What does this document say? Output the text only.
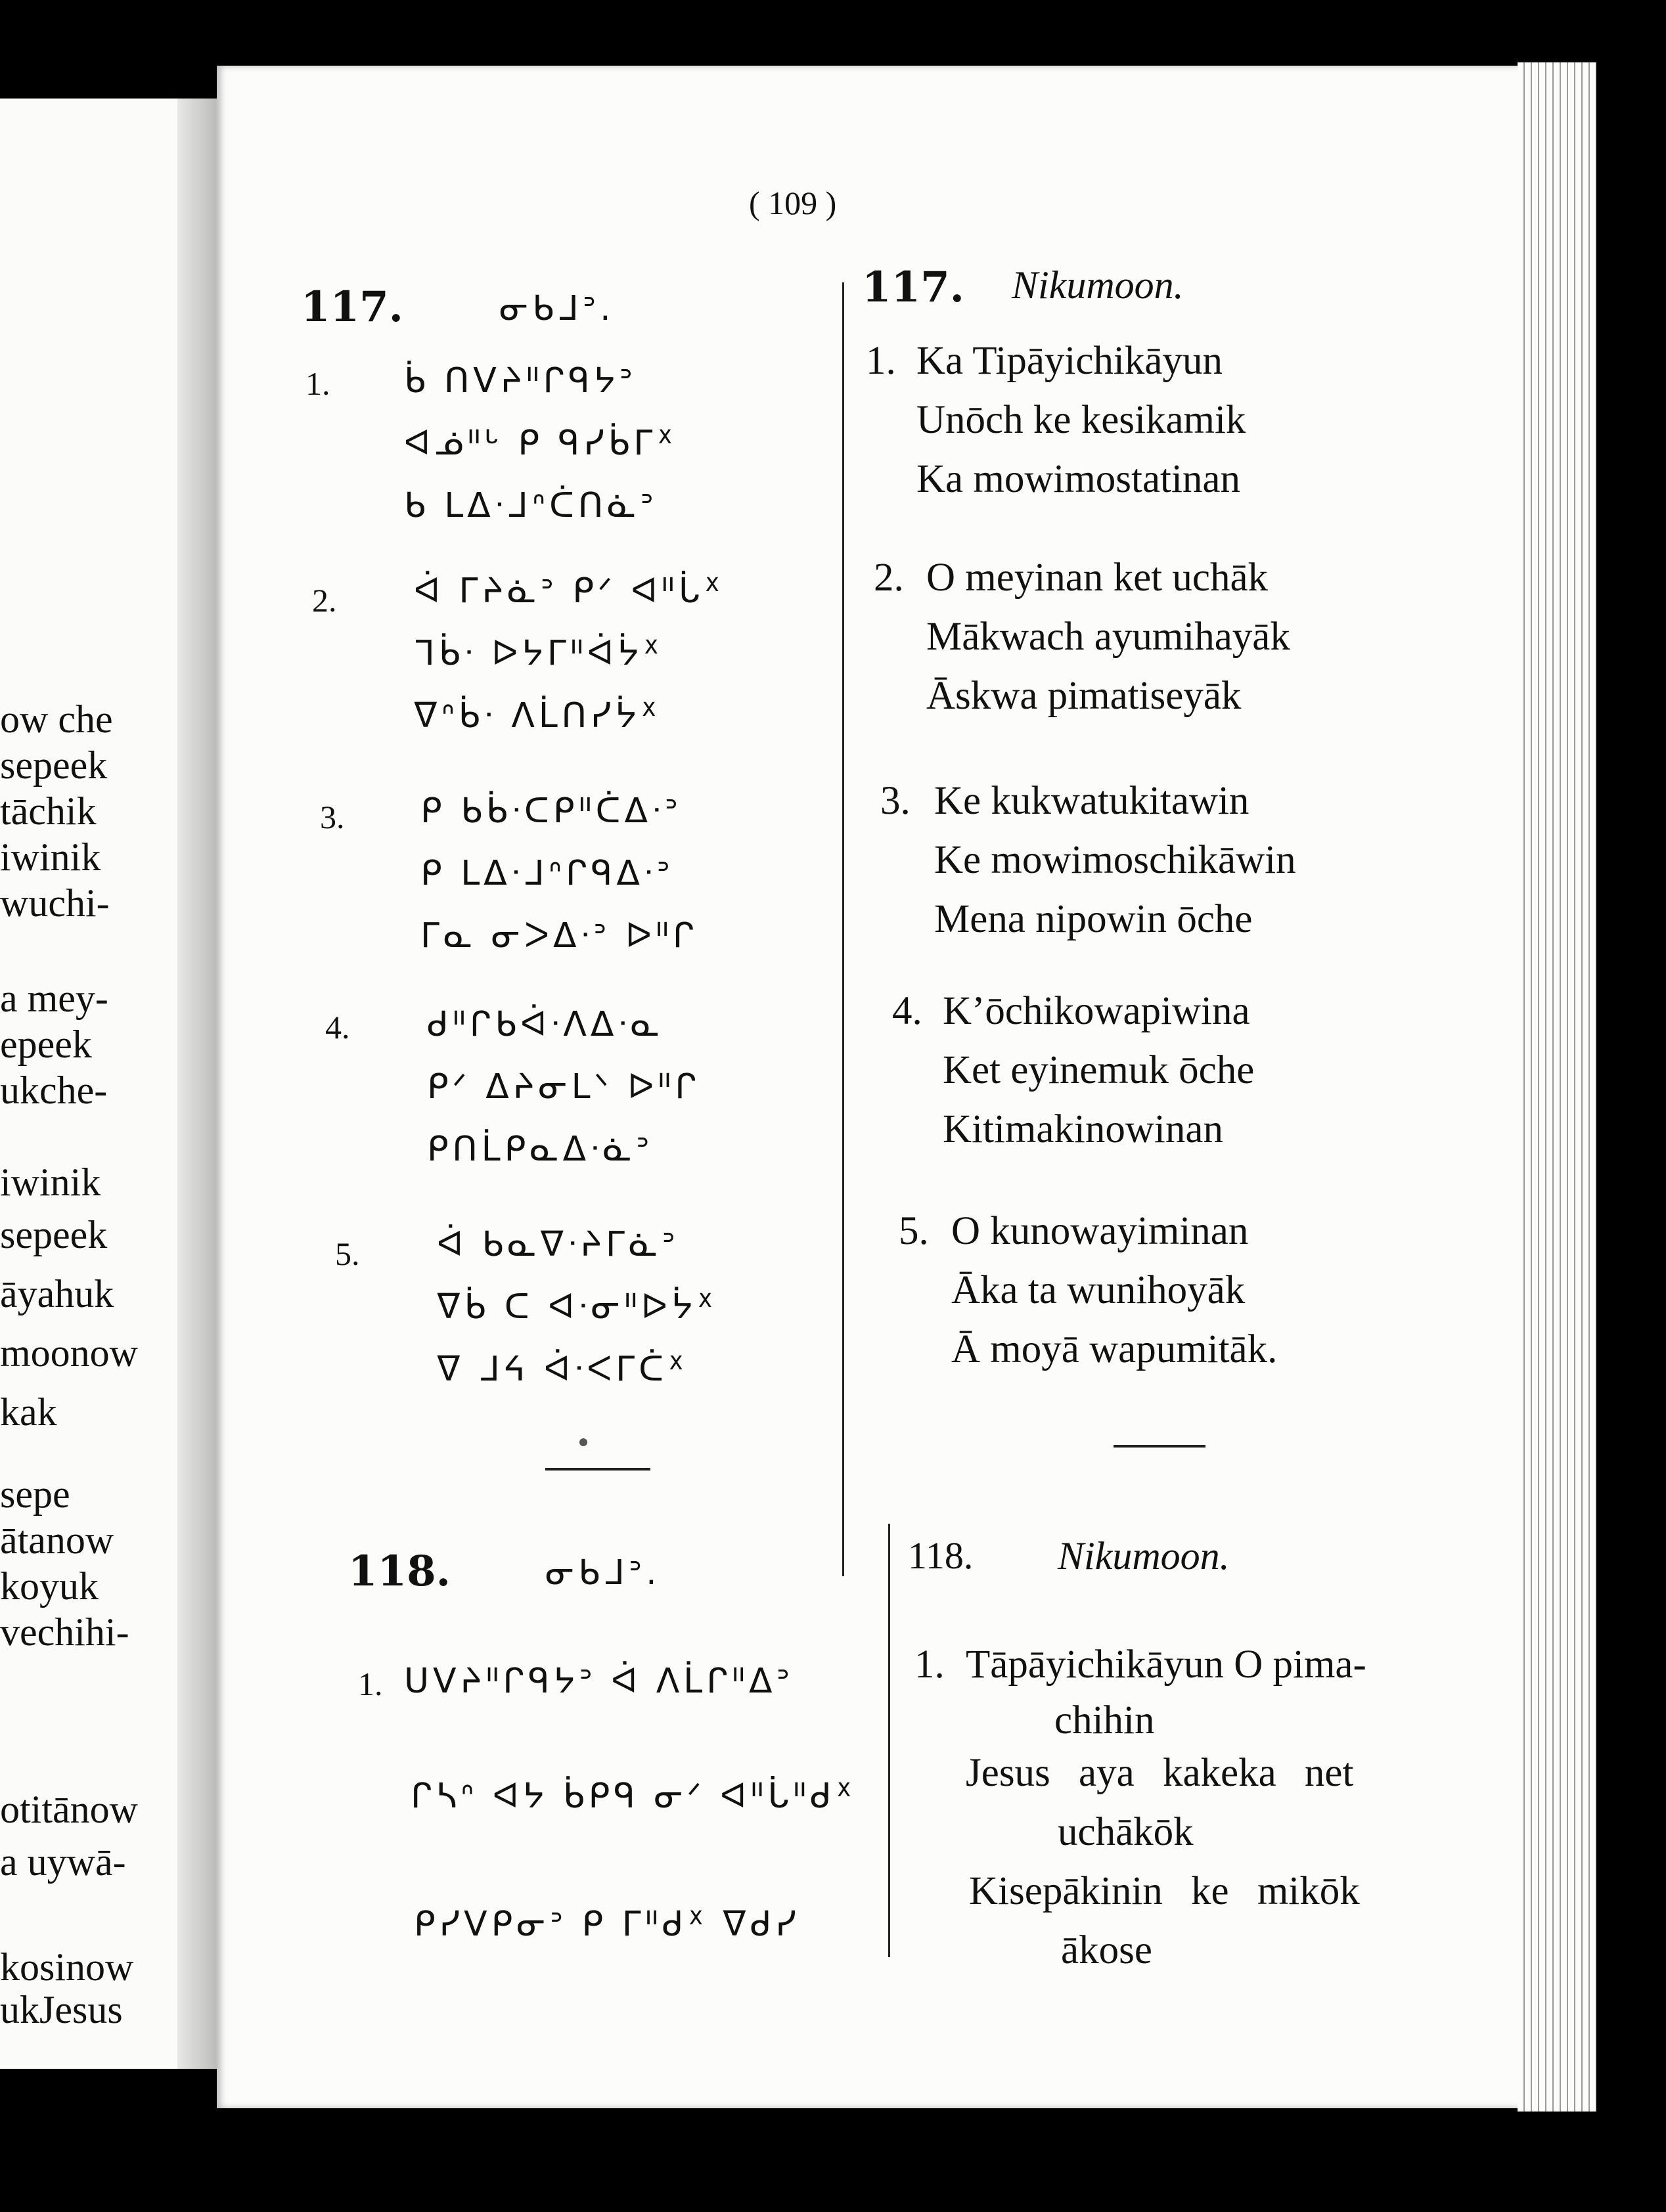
ow che
sepeek
tāchik
iwinik
wuchi-
a mey-
epeek
ukche-
iwinik
sepeek
āyahuk
moonow
kak
sepe
ātanow
koyuk
vechihi-
otitānow
a uywā-
kosinow
ukJesus
( 109 )
117.	ᓂᑲᒧᐣ.
1. ᑳ ᑎᐯᔨᐦᒋᑫᔭᐣ
ᐊᓅᐦᒡ ᑭ ᑫᓯᑳᒥᕽ
ᑲ ᒪᐃᐧᒧᐢᑖᑎᓈᐣ
2. ᐋ ᒥᔨᓈᐣ ᑭᐟ ᐊᐦᒑᕽ
ᒣᑳᐧ ᐅᔭᒥᐦᐋᔮᕽ
ᐁᐢᑳᐧ ᐱᒫᑎᓯᔮᕽ
3. ᑭ ᑲᑳᐧᑕᑭᐦᑖᐃᐧᐣ
ᑭ ᒪᐃᐧᒧᐢᒋᑫᐃᐧᐣ
ᒥᓇ ᓂᐳᐃᐧᐣ ᐅᐦᒋ
4. ᑯᐦᒋᑲᐋᐧᐱᐃᐧᓇ
ᑭᐟ ᐃᔨᓂᒪᐠ ᐅᐦᒋ
ᑭᑎᒫᑭᓇᐃᐧᓈᐣ
5. ᐋ ᑲᓇᐁᐧᔨᒥᓈᐣ
ᐁᑳ ᑕ ᐊᐧᓂᐦᐅᔮᕽ
ᐁ ᒧᔦ ᐋᐧᐸᒥᑖᕽ
118.	ᓂᑲᒧᐣ.
1. ᑌᐯᔨᐦᒋᑫᔭᐣ ᐋ ᐱᒫᒋᐦᐃᐣ
ᒋᓴᐢ ᐊᔭ ᑳᑭᑫ ᓂᐟ ᐊᐦᒑᐦᑯᕽ
ᑭᓯᐯᑭᓂᐣ ᑭ ᒥᐦᑯᕽ ᐁᑯᓯ
117. Nikumoon.
1. Ka Tipāyichikāyun
Unōch ke kesikamik
Ka mowimostatinan
2. O meyinan ket uchāk
Mākwach ayumihayāk
Āskwa pimatiseyāk
3. Ke kukwatukitawin
Ke mowimoschikāwin
Mena nipowin ōche
4. K’ōchikowapiwina
Ket eyinemuk ōche
Kitimakinowinan
5. O kunowayiminan
Āka ta wunihoyāk
Ā moyā wapumitāk.
118. Nikumoon.
1. Tāpāyichikāyun O pima-
chihin
Jesus aya kakeka net
uchākōk
Kisepākinin ke mikōk
ākose
